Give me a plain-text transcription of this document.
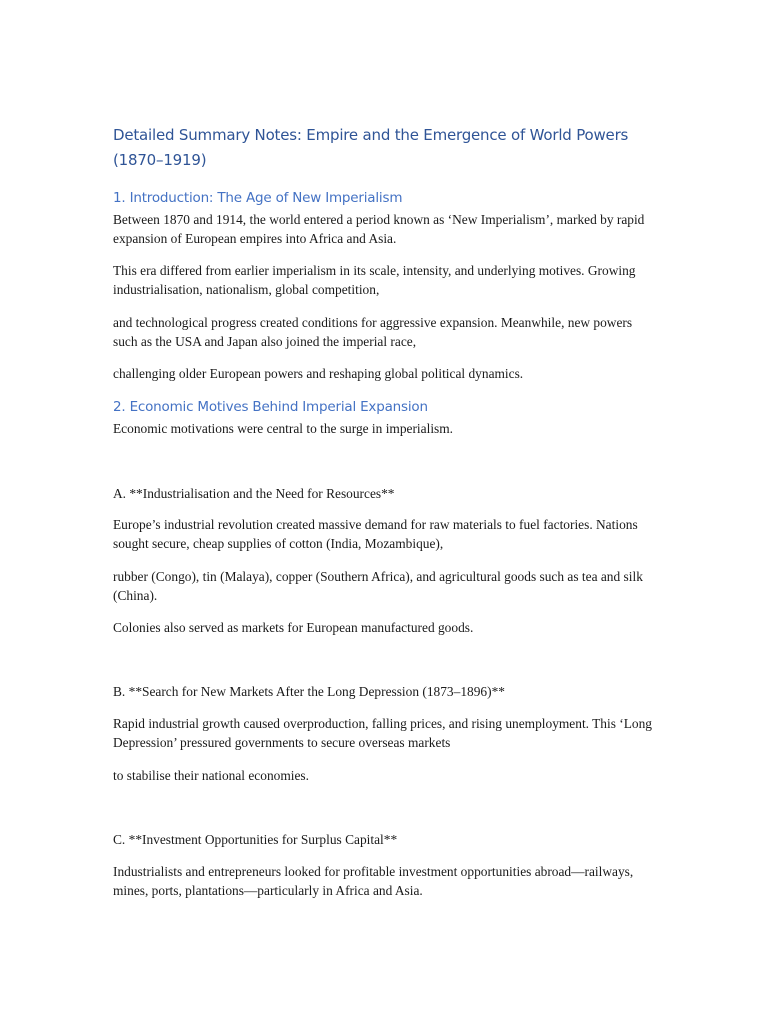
Detailed Summary Notes: Empire and the Emergence of World Powers (1870–1919)
1. Introduction: The Age of New Imperialism

Between 1870 and 1914, the world entered a period known as ‘New Imperialism’, marked by rapid expansion of European empires into Africa and Asia.

This era differed from earlier imperialism in its scale, intensity, and underlying motives. Growing industrialisation, nationalism, global competition,

and technological progress created conditions for aggressive expansion. Meanwhile, new powers such as the USA and Japan also joined the imperial race,

challenging older European powers and reshaping global political dynamics.

2. Economic Motives Behind Imperial Expansion

Economic motivations were central to the surge in imperialism.

A. **Industrialisation and the Need for Resources**

Europe’s industrial revolution created massive demand for raw materials to fuel factories. Nations sought secure, cheap supplies of cotton (India, Mozambique),

rubber (Congo), tin (Malaya), copper (Southern Africa), and agricultural goods such as tea and silk (China).

Colonies also served as markets for European manufactured goods.

B. **Search for New Markets After the Long Depression (1873–1896)**

Rapid industrial growth caused overproduction, falling prices, and rising unemployment. This ‘Long Depression’ pressured governments to secure overseas markets

to stabilise their national economies.

C. **Investment Opportunities for Surplus Capital**

Industrialists and entrepreneurs looked for profitable investment opportunities abroad—railways, mines, ports, plantations—particularly in Africa and Asia.
